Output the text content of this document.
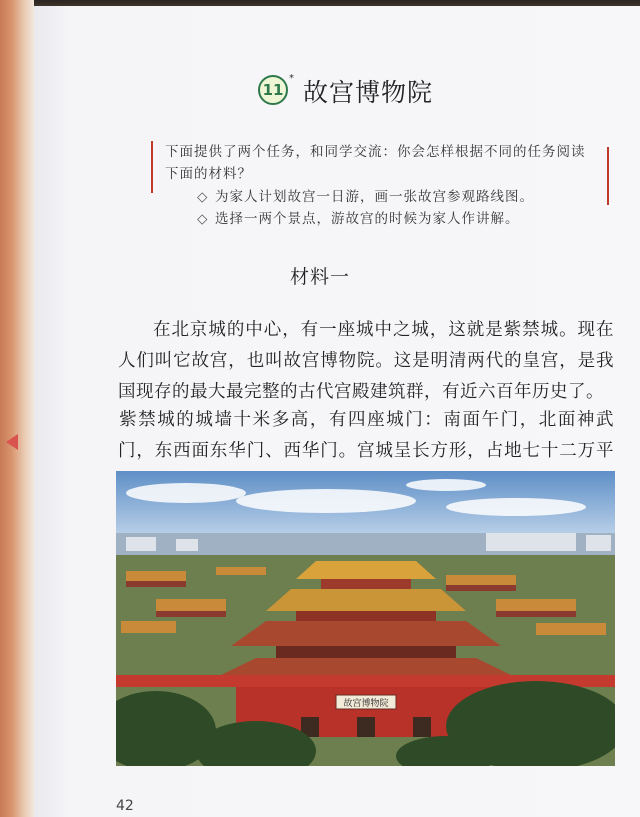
11
* 故宫博物院
下面提供了两个任务，和同学交流：你会怎样根据不同的任务阅读下面的材料？
◇ 为家人计划故宫一日游，画一张故宫参观路线图。
◇ 选择一两个景点，游故宫的时候为家人作讲解。
材料一
在北京城的中心，有一座城中之城，这就是紫禁城。现在人们叫它故宫，也叫故宫博物院。这是明清两代的皇宫，是我国现存的最大最完整的古代宫殿建筑群，有近六百年历史了。
紫禁城的城墙十米多高，有四座城门：南面午门，北面神武门，东西面东华门、西华门。宫城呈长方形，占地七十二万平
故宫博物院
42
